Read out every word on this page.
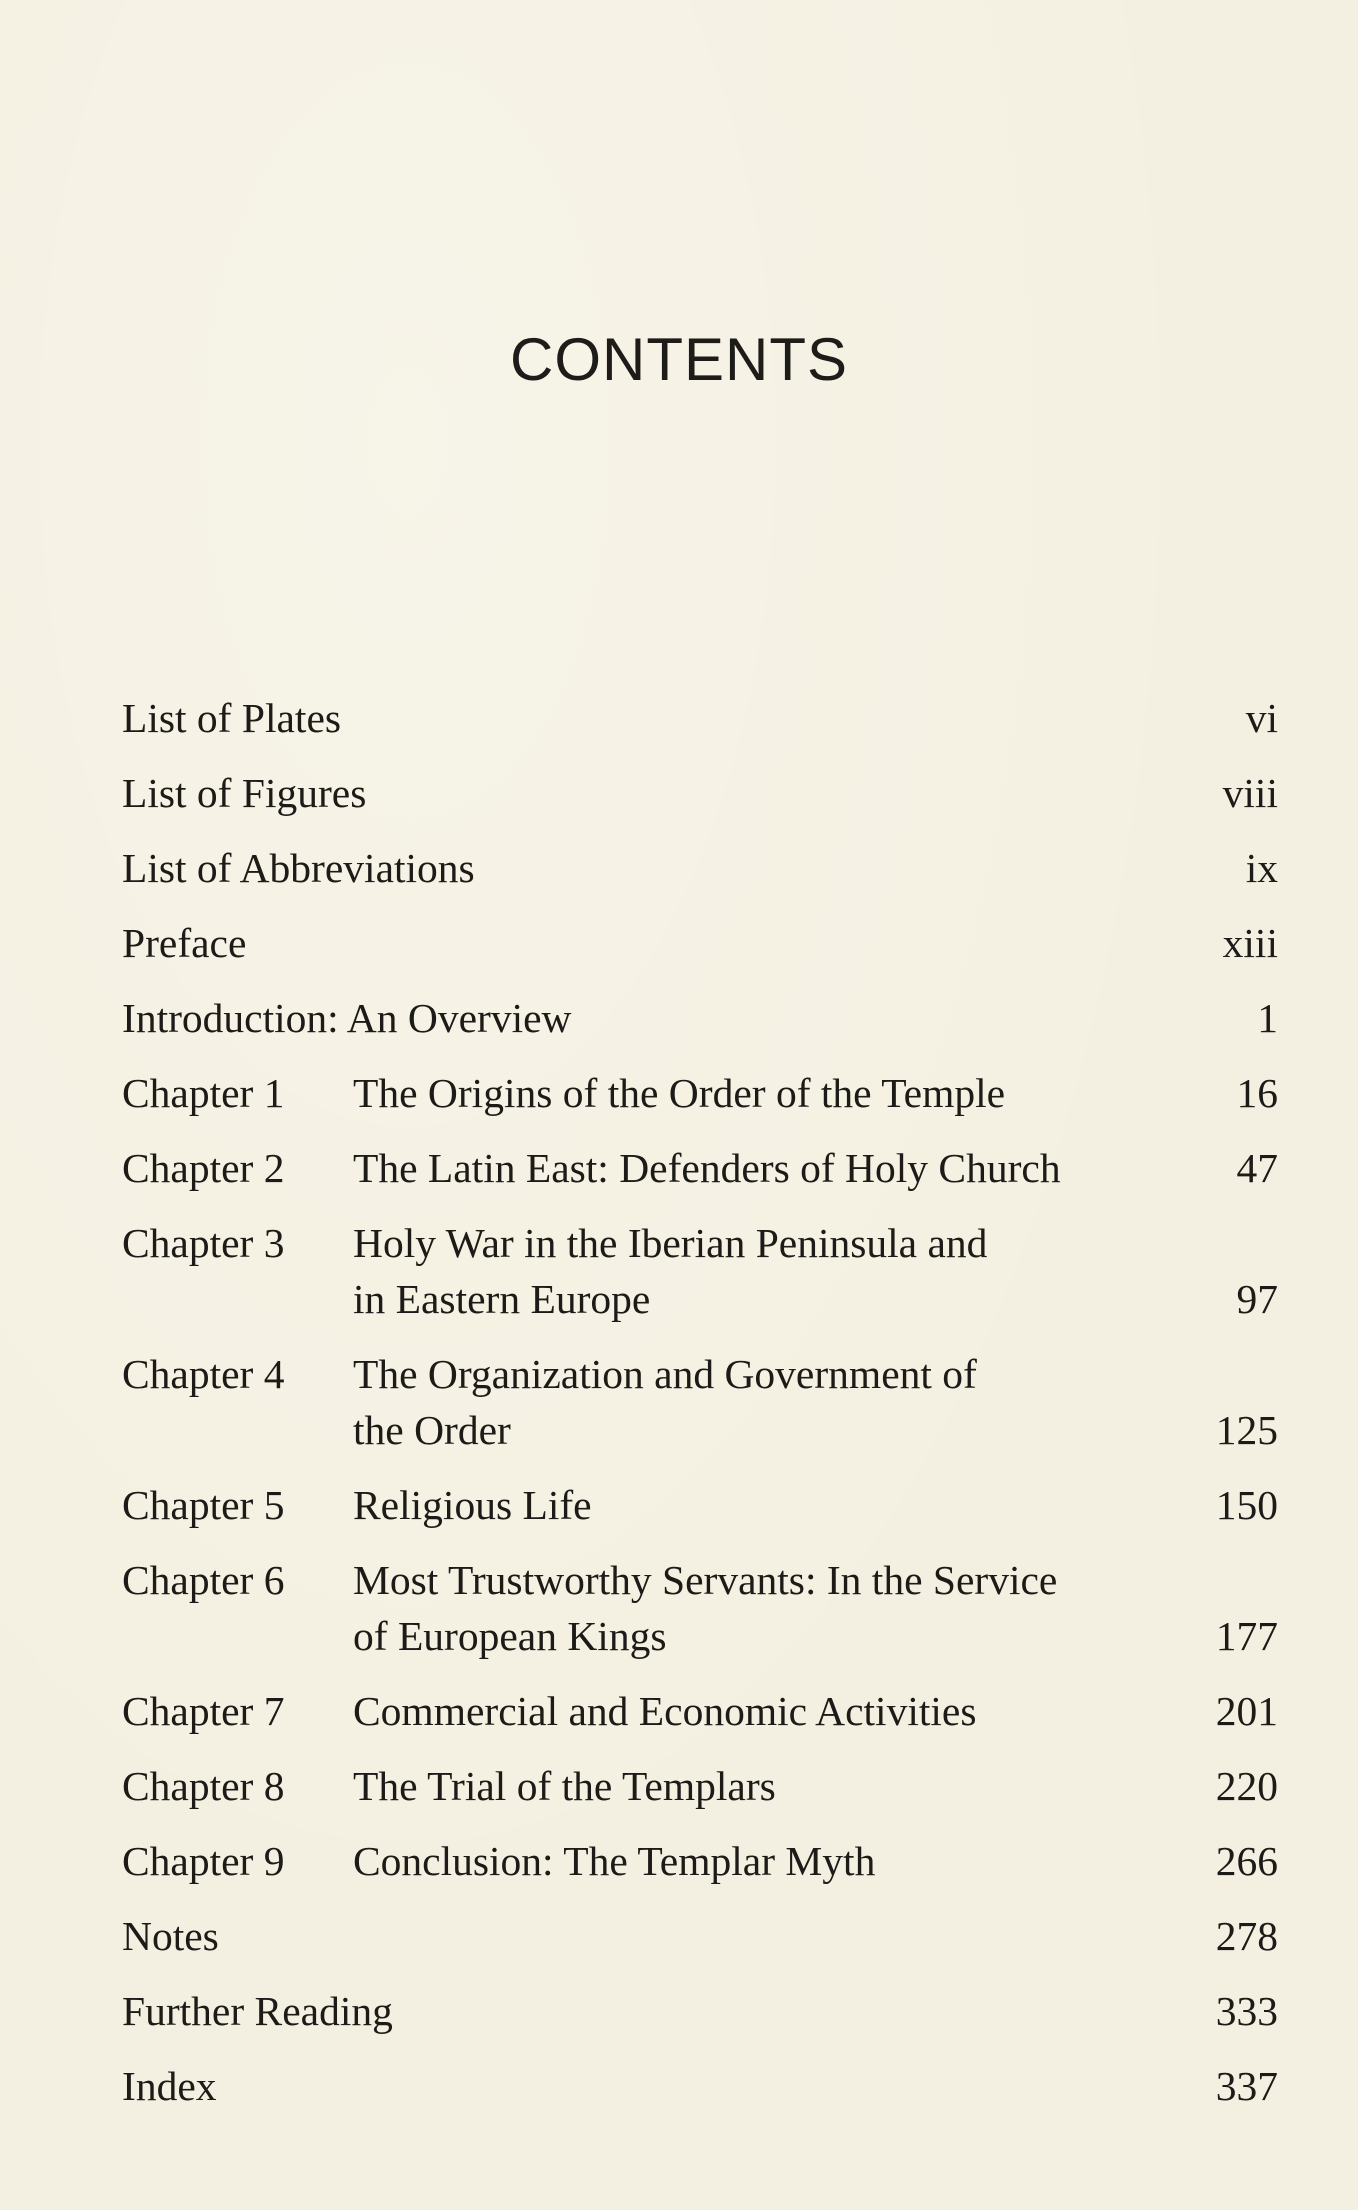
CONTENTS
List of Plates	vi
List of Figures	viii
List of Abbreviations	ix
Preface	xiii
Introduction: An Overview	1
Chapter 1	The Origins of the Order of the Temple	16
Chapter 2	The Latin East: Defenders of Holy Church	47
Chapter 3	Holy War in the Iberian Peninsula and
in Eastern Europe	97
Chapter 4	The Organization and Government of
the Order	125
Chapter 5	Religious Life	150
Chapter 6	Most Trustworthy Servants: In the Service
of European Kings	177
Chapter 7	Commercial and Economic Activities	201
Chapter 8	The Trial of the Templars	220
Chapter 9	Conclusion: The Templar Myth	266
Notes	278
Further Reading	333
Index	337
